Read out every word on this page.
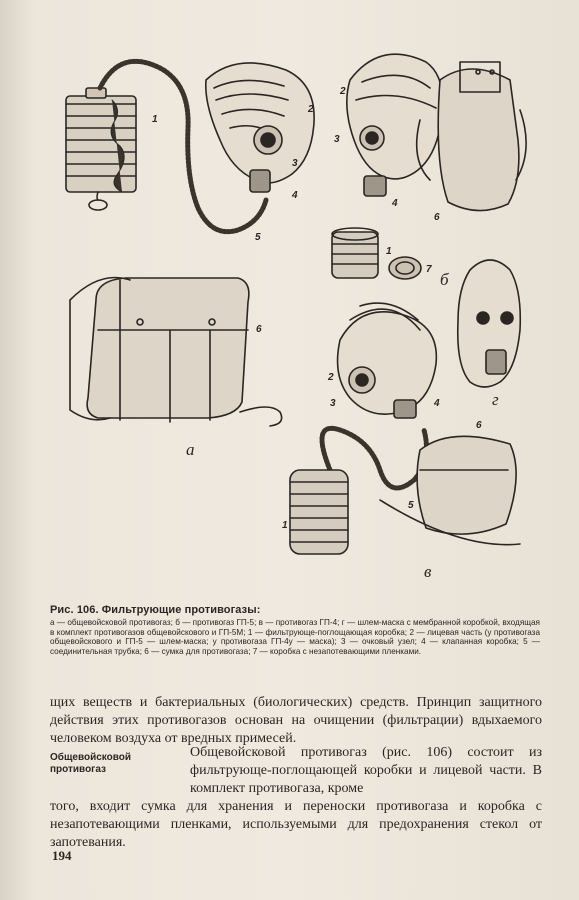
а
б
в
г
1
2
3
4
5
2
3
4
6
1
7
6
2
3	4
6
5
1
Рис. 106. Фильтрующие противогазы:
а — общевойсковой противогаз; б — противогаз ГП-5; в — противогаз ГП-4; г — шлем-маска с мембранной коробкой, входящая в комплект противогазов общевойскового и ГП-5М; 1 — фильтрующе-поглощающая коробка; 2 — лицевая часть (у противогаза общевойскового и ГП-5 — шлем-маска; у противогаза ГП-4у — маска); 3 — очковый узел; 4 — клапанная коробка; 5 — соединительная трубка; 6 — сумка для противогаза; 7 — коробка с незапотевающими пленками.
щих веществ и бактериальных (биологических) средств. Принцип защитного действия этих противогазов основан на очищении (фильтрации) вдыхаемого человеком воздуха от вредных примесей.
Общевойсковой противогаз
Общевойсковой противогаз (рис. 106) состоит из фильтрующе-поглощающей коробки и лицевой части. В комплект противогаза, кроме
того, входит сумка для хранения и переноски противогаза и коробка с незапотевающими пленками, используемыми для предохранения стекол от запотевания.
194
